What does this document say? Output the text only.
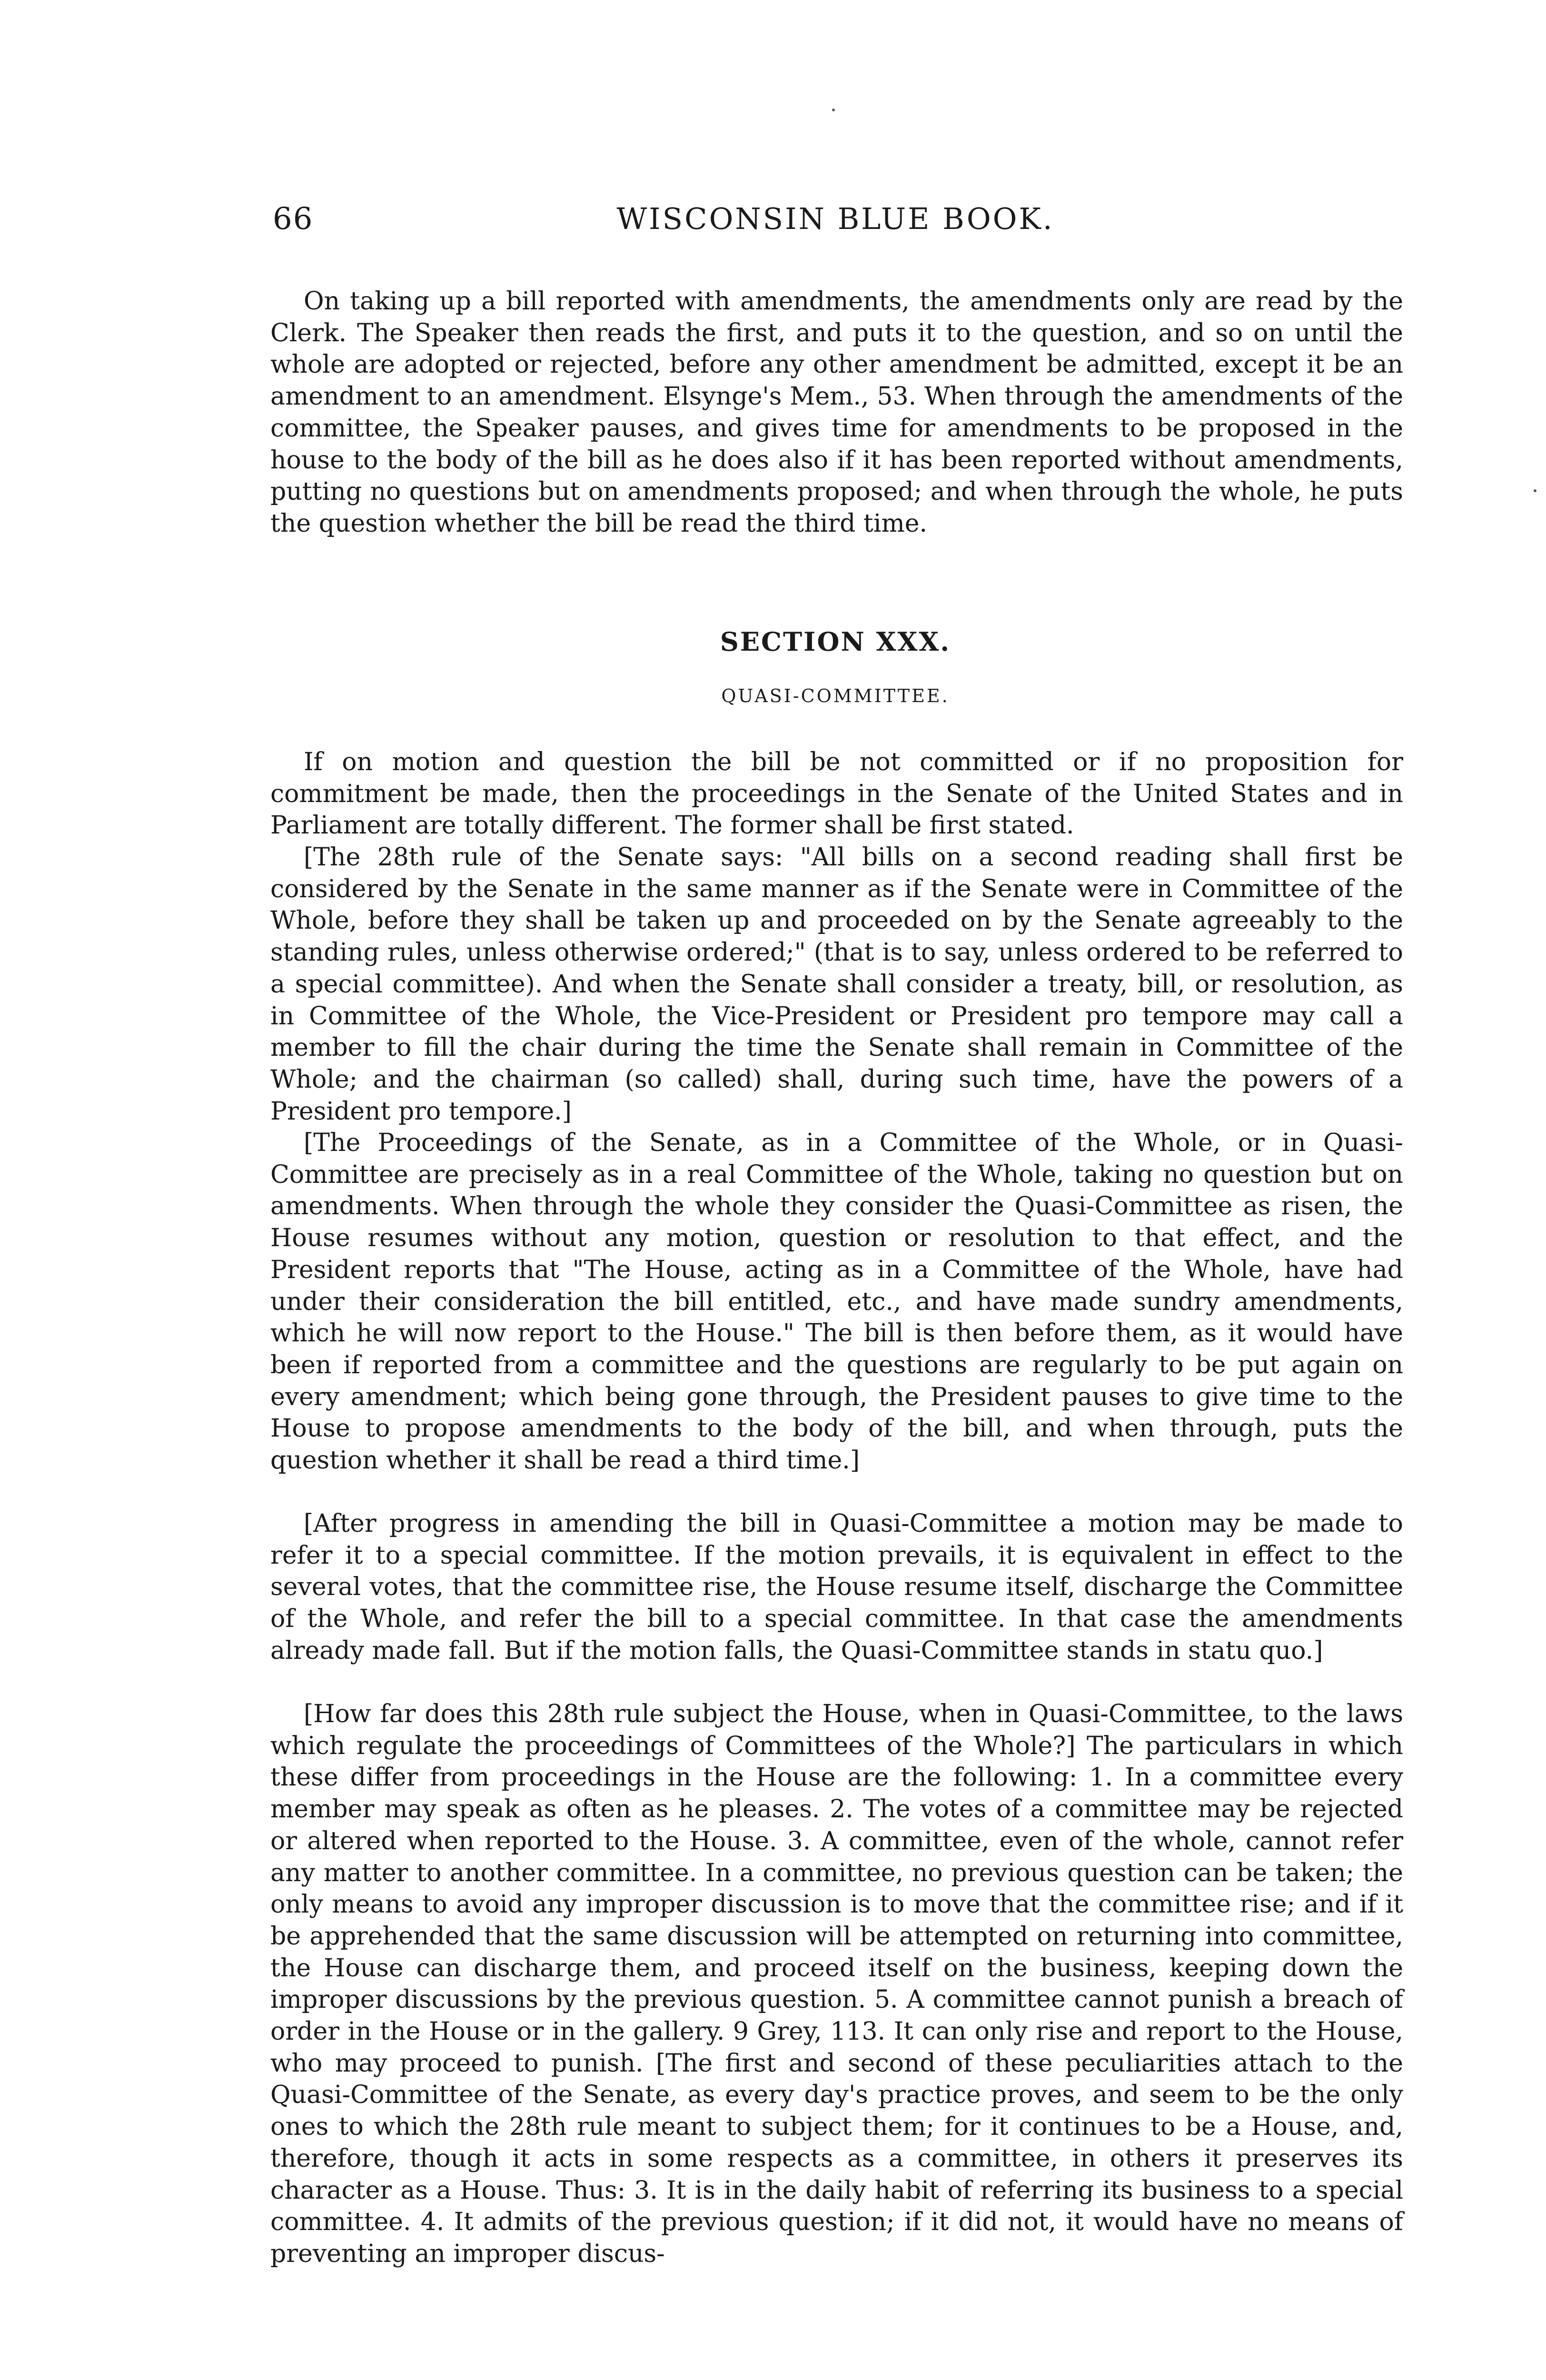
66	WISCONSIN BLUE BOOK.

On taking up a bill reported with amendments, the amendments only are read by the Clerk. The Speaker then reads the first, and puts it to the question, and so on until the whole are adopted or rejected, before any other amendment be admitted, except it be an amendment to an amendment. Elsynge's Mem., 53. When through the amendments of the committee, the Speaker pauses, and gives time for amendments to be proposed in the house to the body of the bill as he does also if it has been reported without amendments, putting no questions but on amendments proposed; and when through the whole, he puts the question whether the bill be read the third time.

SECTION XXX.

QUASI-COMMITTEE.

If on motion and question the bill be not committed or if no proposition for commitment be made, then the proceedings in the Senate of the United States and in Parliament are totally different. The former shall be first stated.

[The 28th rule of the Senate says: "All bills on a second reading shall first be considered by the Senate in the same manner as if the Senate were in Committee of the Whole, before they shall be taken up and proceeded on by the Senate agreeably to the standing rules, unless otherwise ordered;" (that is to say, unless ordered to be referred to a special committee). And when the Senate shall consider a treaty, bill, or resolution, as in Committee of the Whole, the Vice-President or President pro tempore may call a member to fill the chair during the time the Senate shall remain in Committee of the Whole; and the chairman (so called) shall, during such time, have the powers of a President pro tempore.]

[The Proceedings of the Senate, as in a Committee of the Whole, or in Quasi-Committee are precisely as in a real Committee of the Whole, taking no question but on amendments. When through the whole they consider the Quasi-Committee as risen, the House resumes without any motion, question or resolution to that effect, and the President reports that "The House, acting as in a Committee of the Whole, have had under their consideration the bill entitled, etc., and have made sundry amendments, which he will now report to the House." The bill is then before them, as it would have been if reported from a committee and the questions are regularly to be put again on every amendment; which being gone through, the President pauses to give time to the House to propose amendments to the body of the bill, and when through, puts the question whether it shall be read a third time.]

[After progress in amending the bill in Quasi-Committee a motion may be made to refer it to a special committee. If the motion prevails, it is equivalent in effect to the several votes, that the committee rise, the House resume itself, discharge the Committee of the Whole, and refer the bill to a special committee. In that case the amendments already made fall. But if the motion falls, the Quasi-Committee stands in statu quo.]

[How far does this 28th rule subject the House, when in Quasi-Committee, to the laws which regulate the proceedings of Committees of the Whole?] The particulars in which these differ from proceedings in the House are the following: 1. In a committee every member may speak as often as he pleases. 2. The votes of a committee may be rejected or altered when reported to the House. 3. A committee, even of the whole, cannot refer any matter to another committee. In a committee, no previous question can be taken; the only means to avoid any improper discussion is to move that the committee rise; and if it be apprehended that the same discussion will be attempted on returning into committee, the House can discharge them, and proceed itself on the business, keeping down the improper discussions by the previous question. 5. A committee cannot punish a breach of order in the House or in the gallery. 9 Grey, 113. It can only rise and report to the House, who may proceed to punish. [The first and second of these peculiarities attach to the Quasi-Committee of the Senate, as every day's practice proves, and seem to be the only ones to which the 28th rule meant to subject them; for it continues to be a House, and, therefore, though it acts in some respects as a committee, in others it preserves its character as a House. Thus: 3. It is in the daily habit of referring its business to a special committee. 4. It admits of the previous question; if it did not, it would have no means of preventing an improper discus-
